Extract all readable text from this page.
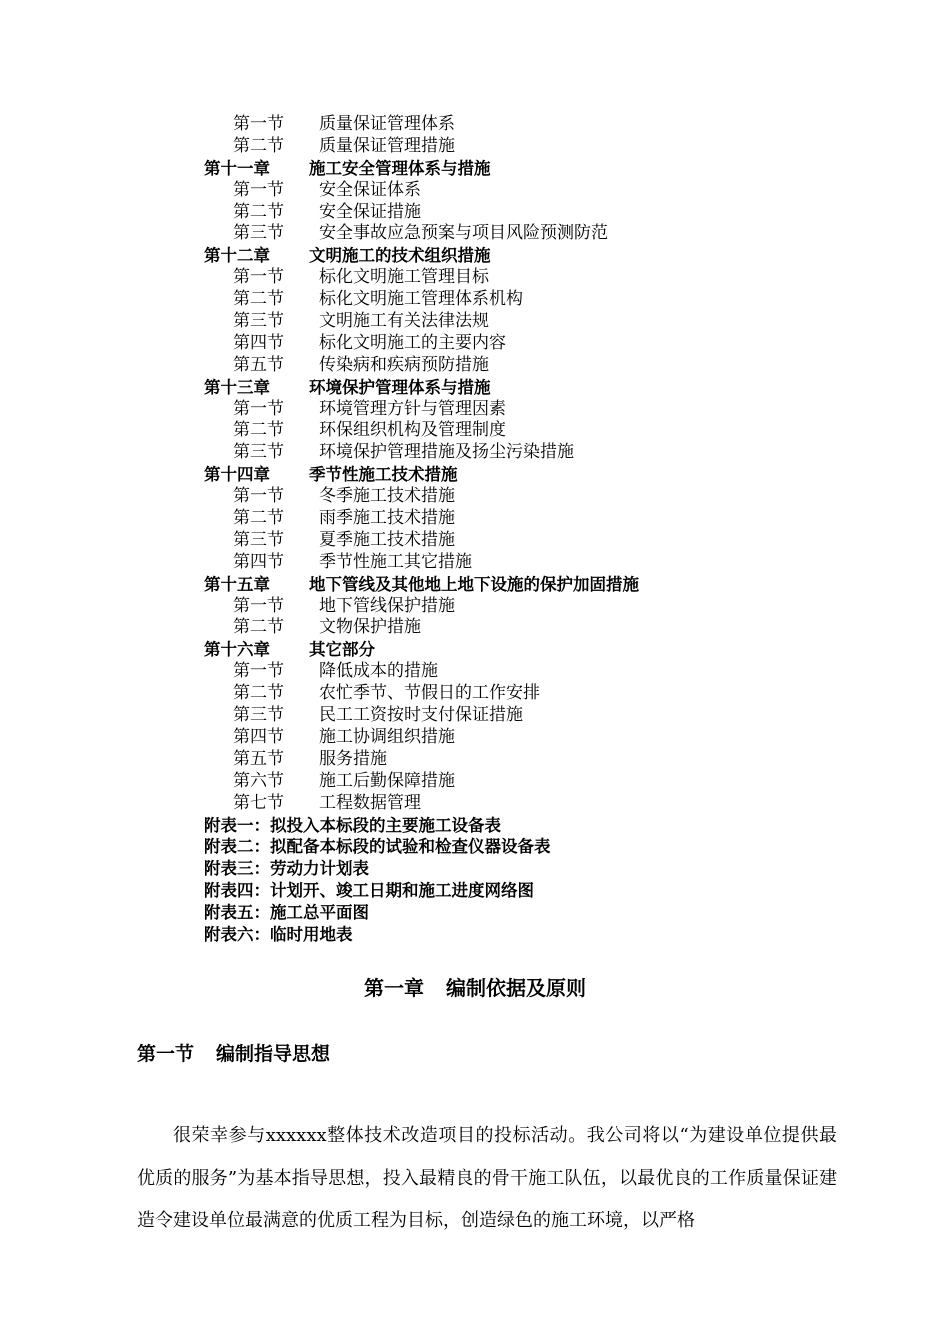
第一节 质量保证管理体系
第二节 质量保证管理措施
第十一章 施工安全管理体系与措施
第一节 安全保证体系
第二节 安全保证措施
第三节 安全事故应急预案与项目风险预测防范
第十二章 文明施工的技术组织措施
第一节 标化文明施工管理目标
第二节 标化文明施工管理体系机构
第三节 文明施工有关法律法规
第四节 标化文明施工的主要内容
第五节 传染病和疾病预防措施
第十三章 环境保护管理体系与措施
第一节 环境管理方针与管理因素
第二节 环保组织机构及管理制度
第三节 环境保护管理措施及扬尘污染措施
第十四章 季节性施工技术措施
第一节 冬季施工技术措施
第二节 雨季施工技术措施
第三节 夏季施工技术措施
第四节 季节性施工其它措施
第十五章 地下管线及其他地上地下设施的保护加固措施
第一节 地下管线保护措施
第二节 文物保护措施
第十六章 其它部分
第一节 降低成本的措施
第二节 农忙季节、节假日的工作安排
第三节 民工工资按时支付保证措施
第四节 施工协调组织措施
第五节 服务措施
第六节 施工后勤保障措施
第七节 工程数据管理
附表一：拟投入本标段的主要施工设备表
附表二：拟配备本标段的试验和检查仪器设备表
附表三：劳动力计划表
附表四：计划开、竣工日期和施工进度网络图
附表五：施工总平面图
附表六：临时用地表
第一章 编制依据及原则
第一节 编制指导思想
很荣幸参与xxxxxx整体技术改造项目的投标活动。我公司将以“为建设单位提供最优质的服务”为基本指导思想，投入最精良的骨干施工队伍，以最优良的工作质量保证建造令建设单位最满意的优质工程为目标，创造绿色的施工环境，以严格
